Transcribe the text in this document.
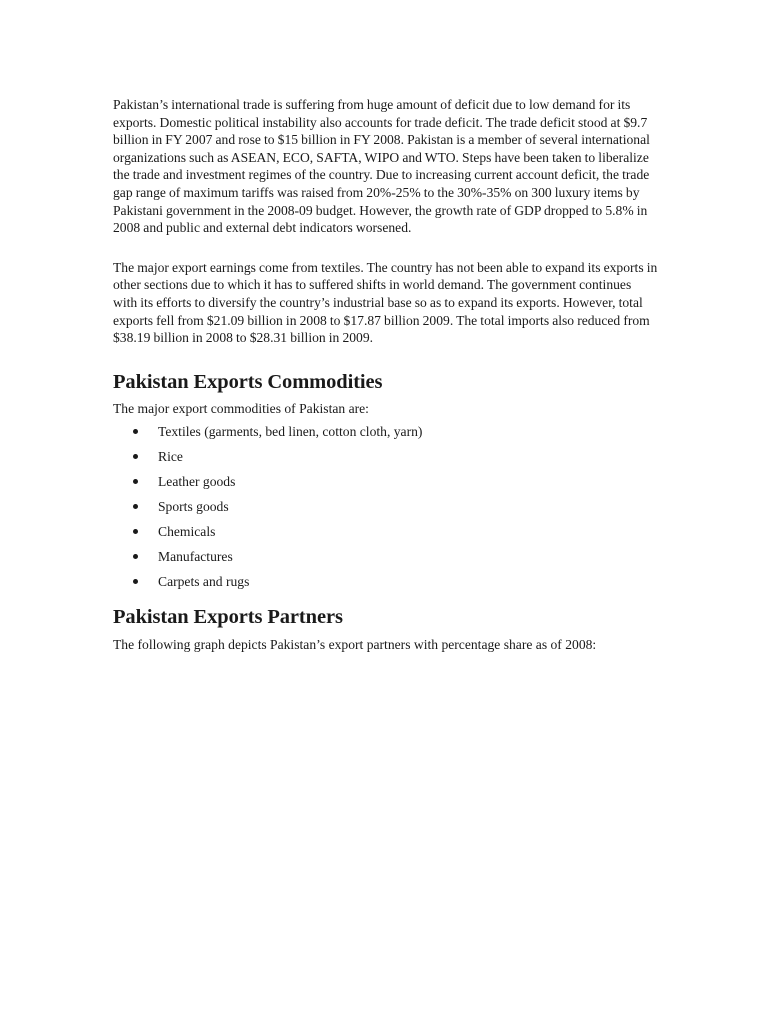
Pakistan’s international trade is suffering from huge amount of deficit due to low demand for its exports. Domestic political instability also accounts for trade deficit. The trade deficit stood at $9.7 billion in FY 2007 and rose to $15 billion in FY 2008. Pakistan is a member of several international organizations such as ASEAN, ECO, SAFTA, WIPO and WTO. Steps have been taken to liberalize the trade and investment regimes of the country. Due to increasing current account deficit, the trade gap range of maximum tariffs was raised from 20%-25% to the 30%-35% on 300 luxury items by Pakistani government in the 2008-09 budget. However, the growth rate of GDP dropped to 5.8% in 2008 and public and external debt indicators worsened.

The major export earnings come from textiles. The country has not been able to expand its exports in other sections due to which it has to suffered shifts in world demand. The government continues with its efforts to diversify the country’s industrial base so as to expand its exports. However, total exports fell from $21.09 billion in 2008 to $17.87 billion 2009. The total imports also reduced from $38.19 billion in 2008 to $28.31 billion in 2009.

Pakistan Exports Commodities

The major export commodities of Pakistan are:

Textiles (garments, bed linen, cotton cloth, yarn)
Rice
Leather goods
Sports goods
Chemicals
Manufactures
Carpets and rugs
Pakistan Exports Partners

The following graph depicts Pakistan’s export partners with percentage share as of 2008:
